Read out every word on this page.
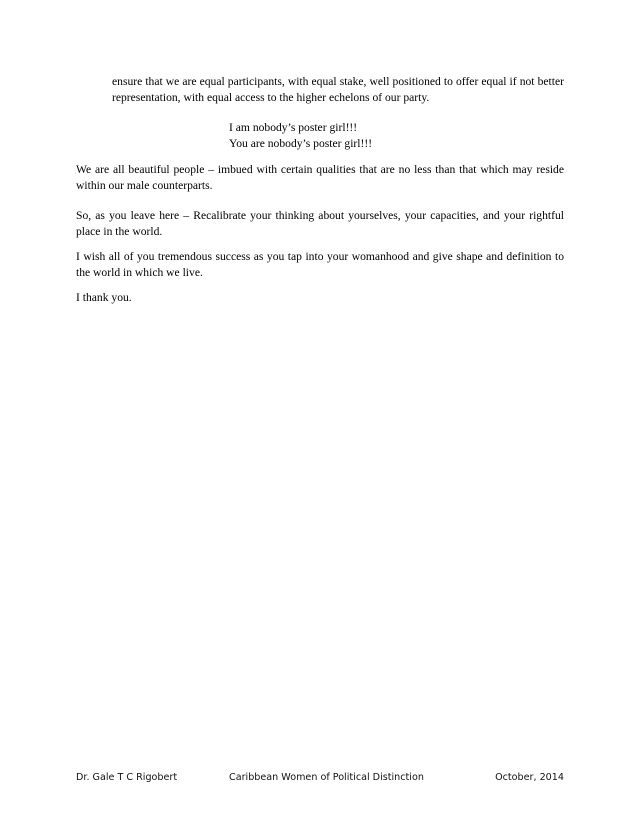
ensure that we are equal participants, with equal stake, well positioned to offer equal if not better representation, with equal access to the higher echelons of our party.

I am nobody’s poster girl!!!

You are nobody’s poster girl!!!

We are all beautiful people – imbued with certain qualities that are no less than that which may reside within our male counterparts.

So, as you leave here – Recalibrate your thinking about yourselves, your capacities, and your rightful place in the world.

I wish all of you tremendous success as you tap into your womanhood and give shape and definition to the world in which we live.

I thank you.

Dr. Gale T C Rigobert	Caribbean Women of Political Distinction	October, 2014
